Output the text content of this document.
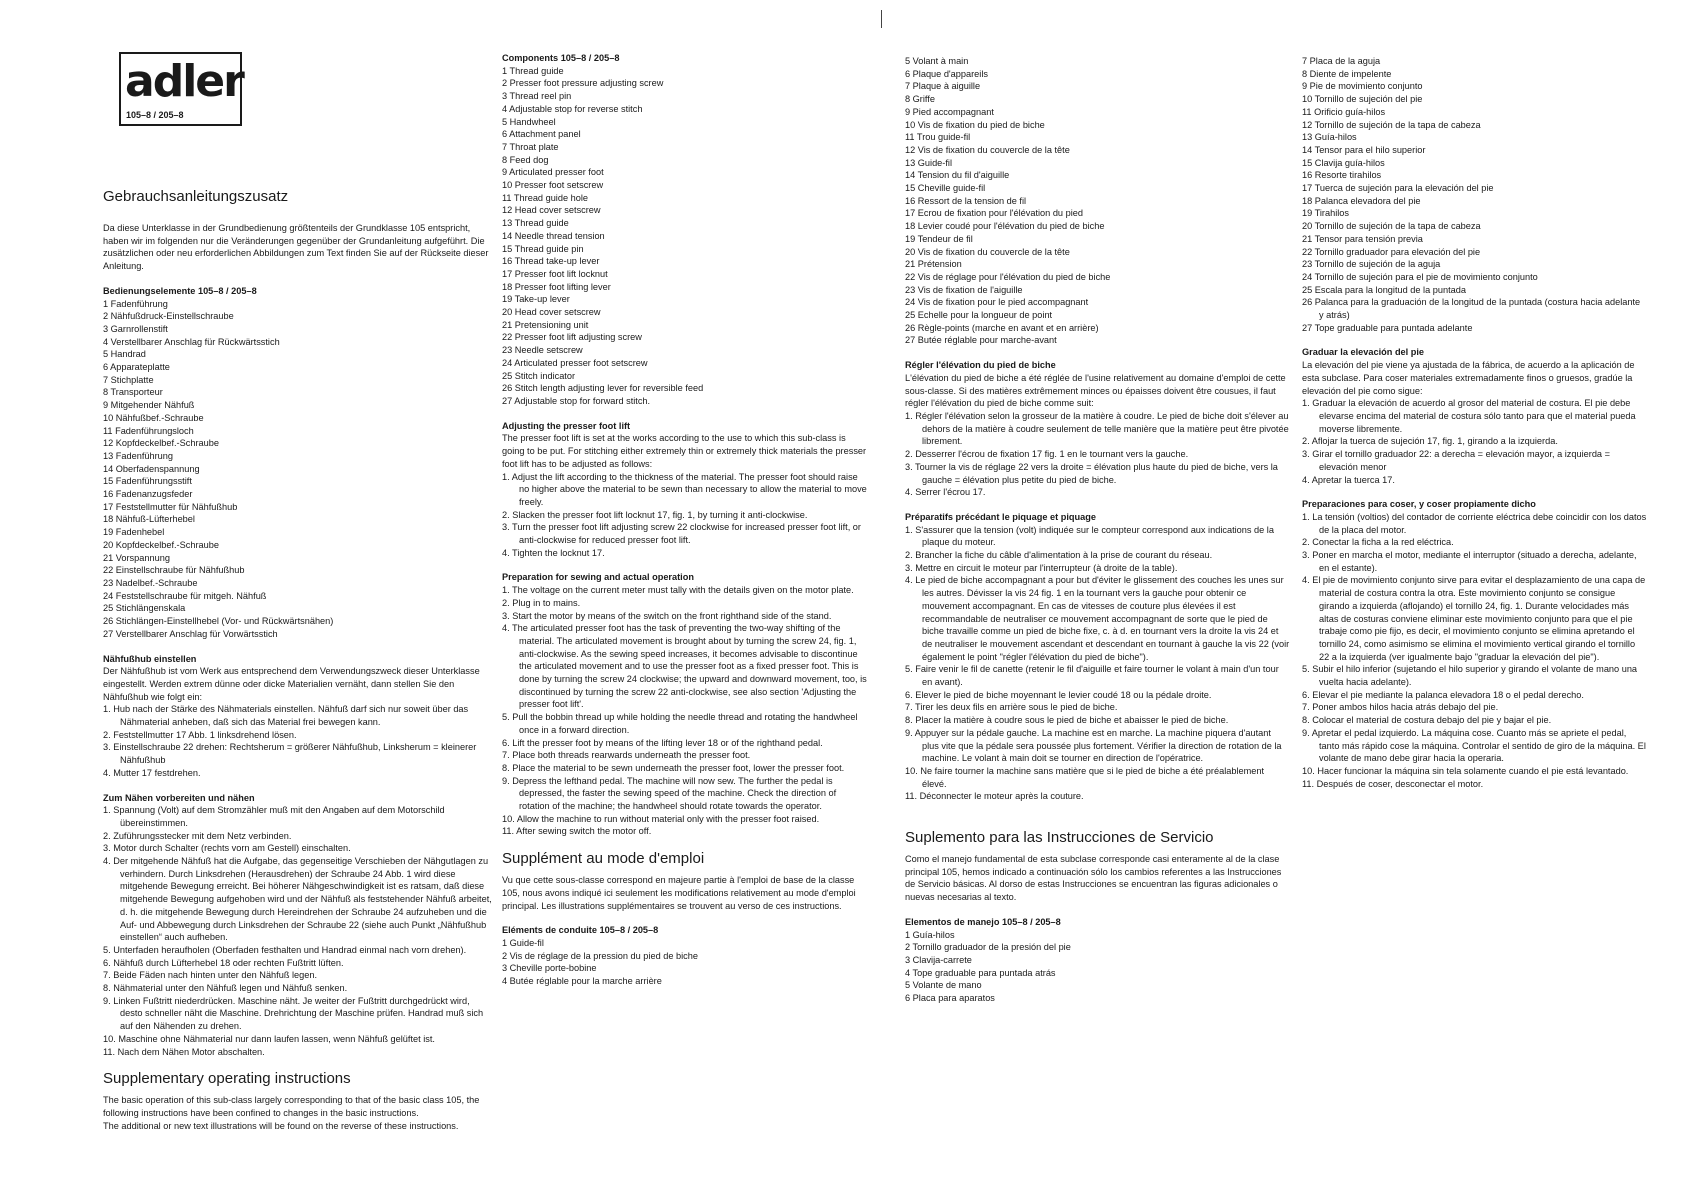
adler
105–8 / 205–8
Gebrauchsanleitungszusatz

Da diese Unterklasse in der Grundbedienung größtenteils der Grundklasse 105 entspricht, haben wir im folgenden nur die Veränderungen gegenüber der Grundanleitung aufgeführt. Die zusätzlichen oder neu erforderlichen Abbildungen zum Text finden Sie auf der Rückseite dieser Anleitung.

Bedienungselemente 105–8 / 205–8

1 Fadenführung
2 Nähfußdruck-Einstellschraube
3 Garnrollenstift
4 Verstellbarer Anschlag für Rückwärtsstich
5 Handrad
6 Apparateplatte
7 Stichplatte
8 Transporteur
9 Mitgehender Nähfuß
10 Nähfußbef.-Schraube
11 Fadenführungsloch
12 Kopfdeckelbef.-Schraube
13 Fadenführung
14 Oberfadenspannung
15 Fadenführungsstift
16 Fadenanzugsfeder
17 Feststellmutter für Nähfußhub
18 Nähfuß-Lüfterhebel
19 Fadenhebel
20 Kopfdeckelbef.-Schraube
21 Vorspannung
22 Einstellschraube für Nähfußhub
23 Nadelbef.-Schraube
24 Feststellschraube für mitgeh. Nähfuß
25 Stichlängenskala
26 Stichlängen-Einstellhebel (Vor- und Rückwärtsnähen)
27 Verstellbarer Anschlag für Vorwärtsstich

Nähfußhub einstellen

Der Nähfußhub ist vom Werk aus entsprechend dem Verwendungszweck dieser Unterklasse eingestellt. Werden extrem dünne oder dicke Materialien vernäht, dann stellen Sie den Nähfußhub wie folgt ein:

1. Hub nach der Stärke des Nähmaterials einstellen. Nähfuß darf sich nur soweit über das Nähmaterial anheben, daß sich das Material frei bewegen kann.
2. Feststellmutter 17 Abb. 1 linksdrehend lösen.
3. Einstellschraube 22 drehen: Rechtsherum = größerer Nähfußhub, Linksherum = kleinerer Nähfußhub
4. Mutter 17 festdrehen.

Zum Nähen vorbereiten und nähen

1. Spannung (Volt) auf dem Stromzähler muß mit den Angaben auf dem Motorschild übereinstimmen.
2. Zuführungsstecker mit dem Netz verbinden.
3. Motor durch Schalter (rechts vorn am Gestell) einschalten.
4. Der mitgehende Nähfuß hat die Aufgabe, das gegenseitige Verschieben der Nähgutlagen zu verhindern. Durch Linksdrehen (Herausdrehen) der Schraube 24 Abb. 1 wird diese mitgehende Bewegung erreicht. Bei höherer Nähgeschwindigkeit ist es ratsam, daß diese mitgehende Bewegung aufgehoben wird und der Nähfuß als feststehender Nähfuß arbeitet, d. h. die mitgehende Bewegung durch Hereindrehen der Schraube 24 aufzuheben und die Auf- und Abbewegung durch Linksdrehen der Schraube 22 (siehe auch Punkt „Nähfußhub einstellen“ auch aufheben.
5. Unterfaden heraufholen (Oberfaden festhalten und Handrad einmal nach vorn drehen).
6. Nähfuß durch Lüfterhebel 18 oder rechten Fußtritt lüften.
7. Beide Fäden nach hinten unter den Nähfuß legen.
8. Nähmaterial unter den Nähfuß legen und Nähfuß senken.
9. Linken Fußtritt niederdrücken. Maschine näht. Je weiter der Fußtritt durchgedrückt wird, desto schneller näht die Maschine. Drehrichtung der Maschine prüfen. Handrad muß sich auf den Nähenden zu drehen.
10. Maschine ohne Nähmaterial nur dann laufen lassen, wenn Nähfuß gelüftet ist.
11. Nach dem Nähen Motor abschalten.
Supplementary operating instructions

The basic operation of this sub-class largely corresponding to that of the basic class 105, the following instructions have been confined to changes in the basic instructions.

The additional or new text illustrations will be found on the reverse of these instructions.

Components 105–8 / 205–8

1 Thread guide
2 Presser foot pressure adjusting screw
3 Thread reel pin
4 Adjustable stop for reverse stitch
5 Handwheel
6 Attachment panel
7 Throat plate
8 Feed dog
9 Articulated presser foot
10 Presser foot setscrew
11 Thread guide hole
12 Head cover setscrew
13 Thread guide
14 Needle thread tension
15 Thread guide pin
16 Thread take-up lever
17 Presser foot lift locknut
18 Presser foot lifting lever
19 Take-up lever
20 Head cover setscrew
21 Pretensioning unit
22 Presser foot lift adjusting screw
23 Needle setscrew
24 Articulated presser foot setscrew
25 Stitch indicator
26 Stitch length adjusting lever for reversible feed
27 Adjustable stop for forward stitch.

Adjusting the presser foot lift

The presser foot lift is set at the works according to the use to which this sub-class is going to be put. For stitching either extremely thin or extremely thick materials the presser foot lift has to be adjusted as follows:

1. Adjust the lift according to the thickness of the material. The presser foot should raise no higher above the material to be sewn than necessary to allow the material to move freely.
2. Slacken the presser foot lift locknut 17, fig. 1, by turning it anti-clockwise.
3. Turn the presser foot lift adjusting screw 22 clockwise for increased presser foot lift, or anti-clockwise for reduced presser foot lift.
4. Tighten the locknut 17.

Preparation for sewing and actual operation

1. The voltage on the current meter must tally with the details given on the motor plate.
2. Plug in to mains.
3. Start the motor by means of the switch on the front righthand side of the stand.
4. The articulated presser foot has the task of preventing the two-way shifting of the material. The articulated movement is brought about by turning the screw 24, fig. 1, anti-clockwise. As the sewing speed increases, it becomes advisable to discontinue the articulated movement and to use the presser foot as a fixed presser foot. This is done by turning the screw 24 clockwise; the upward and downward movement, too, is discontinued by turning the screw 22 anti-clockwise, see also section 'Adjusting the presser foot lift'.
5. Pull the bobbin thread up while holding the needle thread and rotating the handwheel once in a forward direction.
6. Lift the presser foot by means of the lifting lever 18 or of the righthand pedal.
7. Place both threads rearwards underneath the presser foot.
8. Place the material to be sewn underneath the presser foot, lower the presser foot.
9. Depress the lefthand pedal. The machine will now sew. The further the pedal is depressed, the faster the sewing speed of the machine. Check the direction of rotation of the machine; the handwheel should rotate towards the operator.
10. Allow the machine to run without material only with the presser foot raised.
11. After sewing switch the motor off.
Supplément au mode d'emploi

Vu que cette sous-classe correspond en majeure partie à l'emploi de base de la classe 105, nous avons indiqué ici seulement les modifications relativement au mode d'emploi principal. Les illustrations supplémentaires se trouvent au verso de ces instructions.

Eléments de conduite 105–8 / 205–8

1 Guide-fil
2 Vis de réglage de la pression du pied de biche
3 Cheville porte-bobine
4 Butée réglable pour la marche arrière
5 Volant à main
6 Plaque d'appareils
7 Plaque à aiguille
8 Griffe
9 Pied accompagnant
10 Vis de fixation du pied de biche
11 Trou guide-fil
12 Vis de fixation du couvercle de la tête
13 Guide-fil
14 Tension du fil d'aiguille
15 Cheville guide-fil
16 Ressort de la tension de fil
17 Ecrou de fixation pour l'élévation du pied
18 Levier coudé pour l'élévation du pied de biche
19 Tendeur de fil
20 Vis de fixation du couvercle de la tête
21 Prétension
22 Vis de réglage pour l'élévation du pied de biche
23 Vis de fixation de l'aiguille
24 Vis de fixation pour le pied accompagnant
25 Echelle pour la longueur de point
26 Règle-points (marche en avant et en arrière)
27 Butée réglable pour marche-avant

Régler l'élévation du pied de biche

L'élévation du pied de biche a été réglée de l'usine relativement au domaine d'emploi de cette sous-classe. Si des matières extrêmement minces ou épaisses doivent être cousues, il faut régler l'élévation du pied de biche comme suit:

1. Régler l'élévation selon la grosseur de la matière à coudre. Le pied de biche doit s'élever au dehors de la matière à coudre seulement de telle manière que la matière peut être pivotée librement.
2. Desserrer l'écrou de fixation 17 fig. 1 en le tournant vers la gauche.
3. Tourner la vis de réglage 22 vers la droite = élévation plus haute du pied de biche, vers la gauche = élévation plus petite du pied de biche.
4. Serrer l'écrou 17.

Préparatifs précédant le piquage et piquage

1. S'assurer que la tension (volt) indiquée sur le compteur correspond aux indications de la plaque du moteur.
2. Brancher la fiche du câble d'alimentation à la prise de courant du réseau.
3. Mettre en circuit le moteur par l'interrupteur (à droite de la table).
4. Le pied de biche accompagnant a pour but d'éviter le glissement des couches les unes sur les autres. Dévisser la vis 24 fig. 1 en la tournant vers la gauche pour obtenir ce mouvement accompagnant. En cas de vitesses de couture plus élevées il est recommandable de neutraliser ce mouvement accompagnant de sorte que le pied de biche travaille comme un pied de biche fixe, c. à d. en tournant vers la droite la vis 24 et de neutraliser le mouvement ascendant et descendant en tournant à gauche la vis 22 (voir également le point "régler l'élévation du pied de biche").
5. Faire venir le fil de canette (retenir le fil d'aiguille et faire tourner le volant à main d'un tour en avant).
6. Elever le pied de biche moyennant le levier coudé 18 ou la pédale droite.
7. Tirer les deux fils en arrière sous le pied de biche.
8. Placer la matière à coudre sous le pied de biche et abaisser le pied de biche.
9. Appuyer sur la pédale gauche. La machine est en marche. La machine piquera d'autant plus vite que la pédale sera poussée plus fortement. Vérifier la direction de rotation de la machine. Le volant à main doit se tourner en direction de l'opératrice.
10. Ne faire tourner la machine sans matière que si le pied de biche a été préalablement élevé.
11. Déconnecter le moteur après la couture.
Suplemento para las Instrucciones de Servicio

Como el manejo fundamental de esta subclase corresponde casi enteramente al de la clase principal 105, hemos indicado a continuación sólo los cambios referentes a las Instrucciones de Servicio básicas. Al dorso de estas Instrucciones se encuentran las figuras adicionales o nuevas necesarias al texto.

Elementos de manejo 105–8 / 205–8

1 Guía-hilos
2 Tornillo graduador de la presión del pie
3 Clavija-carrete
4 Tope graduable para puntada atrás
5 Volante de mano
6 Placa para aparatos
7 Placa de la aguja
8 Diente de impelente
9 Pie de movimiento conjunto
10 Tornillo de sujeción del pie
11 Orificio guía-hilos
12 Tornillo de sujeción de la tapa de cabeza
13 Guía-hilos
14 Tensor para el hilo superior
15 Clavija guía-hilos
16 Resorte tirahilos
17 Tuerca de sujeción para la elevación del pie
18 Palanca elevadora del pie
19 Tirahilos
20 Tornillo de sujeción de la tapa de cabeza
21 Tensor para tensión previa
22 Tornillo graduador para elevación del pie
23 Tornillo de sujeción de la aguja
24 Tornillo de sujeción para el pie de movimiento conjunto
25 Escala para la longitud de la puntada
26 Palanca para la graduación de la longitud de la puntada (costura hacia adelante y atrás)
27 Tope graduable para puntada adelante

Graduar la elevación del pie

La elevación del pie viene ya ajustada de la fábrica, de acuerdo a la aplicación de esta subclase. Para coser materiales extremadamente finos o gruesos, gradúe la elevación del pie como sigue:

1. Graduar la elevación de acuerdo al grosor del material de costura. El pie debe elevarse encima del material de costura sólo tanto para que el material pueda moverse libremente.
2. Aflojar la tuerca de sujeción 17, fig. 1, girando a la izquierda.
3. Girar el tornillo graduador 22: a derecha = elevación mayor, a izquierda = elevación menor
4. Apretar la tuerca 17.

Preparaciones para coser, y coser propiamente dicho

1. La tensión (voltios) del contador de corriente eléctrica debe coincidir con los datos de la placa del motor.
2. Conectar la ficha a la red eléctrica.
3. Poner en marcha el motor, mediante el interruptor (situado a derecha, adelante, en el estante).
4. El pie de movimiento conjunto sirve para evitar el desplazamiento de una capa de material de costura contra la otra. Este movimiento conjunto se consigue girando a izquierda (aflojando) el tornillo 24, fig. 1. Durante velocidades más altas de costuras conviene eliminar este movimiento conjunto para que el pie trabaje como pie fijo, es decir, el movimiento conjunto se elimina apretando el tornillo 24, como asimismo se elimina el movimiento vertical girando el tornillo 22 a la izquierda (ver igualmente bajo "graduar la elevación del pie").
5. Subir el hilo inferior (sujetando el hilo superior y girando el volante de mano una vuelta hacia adelante).
6. Elevar el pie mediante la palanca elevadora 18 o el pedal derecho.
7. Poner ambos hilos hacia atrás debajo del pie.
8. Colocar el material de costura debajo del pie y bajar el pie.
9. Apretar el pedal izquierdo. La máquina cose. Cuanto más se apriete el pedal, tanto más rápido cose la máquina. Controlar el sentido de giro de la máquina. El volante de mano debe girar hacia la operaria.
10. Hacer funcionar la máquina sin tela solamente cuando el pie está levantado.
11. Después de coser, desconectar el motor.
